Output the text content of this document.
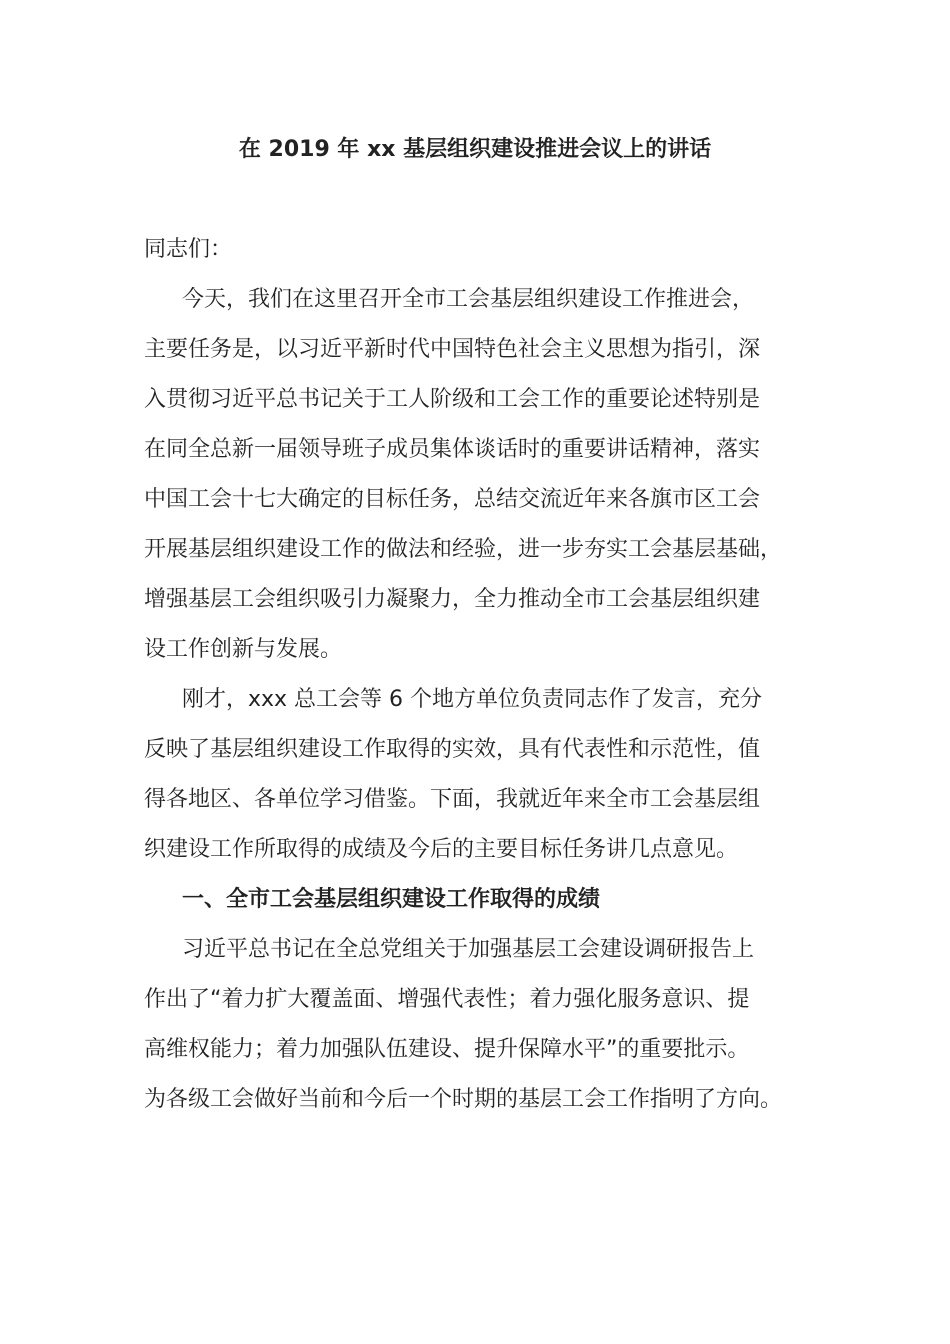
在 2019 年 xx 基层组织建设推进会议上的讲话
同志们：
今天，我们在这里召开全市工会基层组织建设工作推进会，
主要任务是，以习近平新时代中国特色社会主义思想为指引，深
入贯彻习近平总书记关于工人阶级和工会工作的重要论述特别是
在同全总新一届领导班子成员集体谈话时的重要讲话精神，落实
中国工会十七大确定的目标任务，总结交流近年来各旗市区工会
开展基层组织建设工作的做法和经验，进一步夯实工会基层基础，
增强基层工会组织吸引力凝聚力，全力推动全市工会基层组织建
设工作创新与发展。
刚才，xxx 总工会等 6 个地方单位负责同志作了发言，充分
反映了基层组织建设工作取得的实效，具有代表性和示范性，值
得各地区、各单位学习借鉴。下面，我就近年来全市工会基层组
织建设工作所取得的成绩及今后的主要目标任务讲几点意见。
一、全市工会基层组织建设工作取得的成绩
习近平总书记在全总党组关于加强基层工会建设调研报告上
作出了“着力扩大覆盖面、增强代表性；着力强化服务意识、提
高维权能力；着力加强队伍建设、提升保障水平”的重要批示。
为各级工会做好当前和今后一个时期的基层工会工作指明了方向。
